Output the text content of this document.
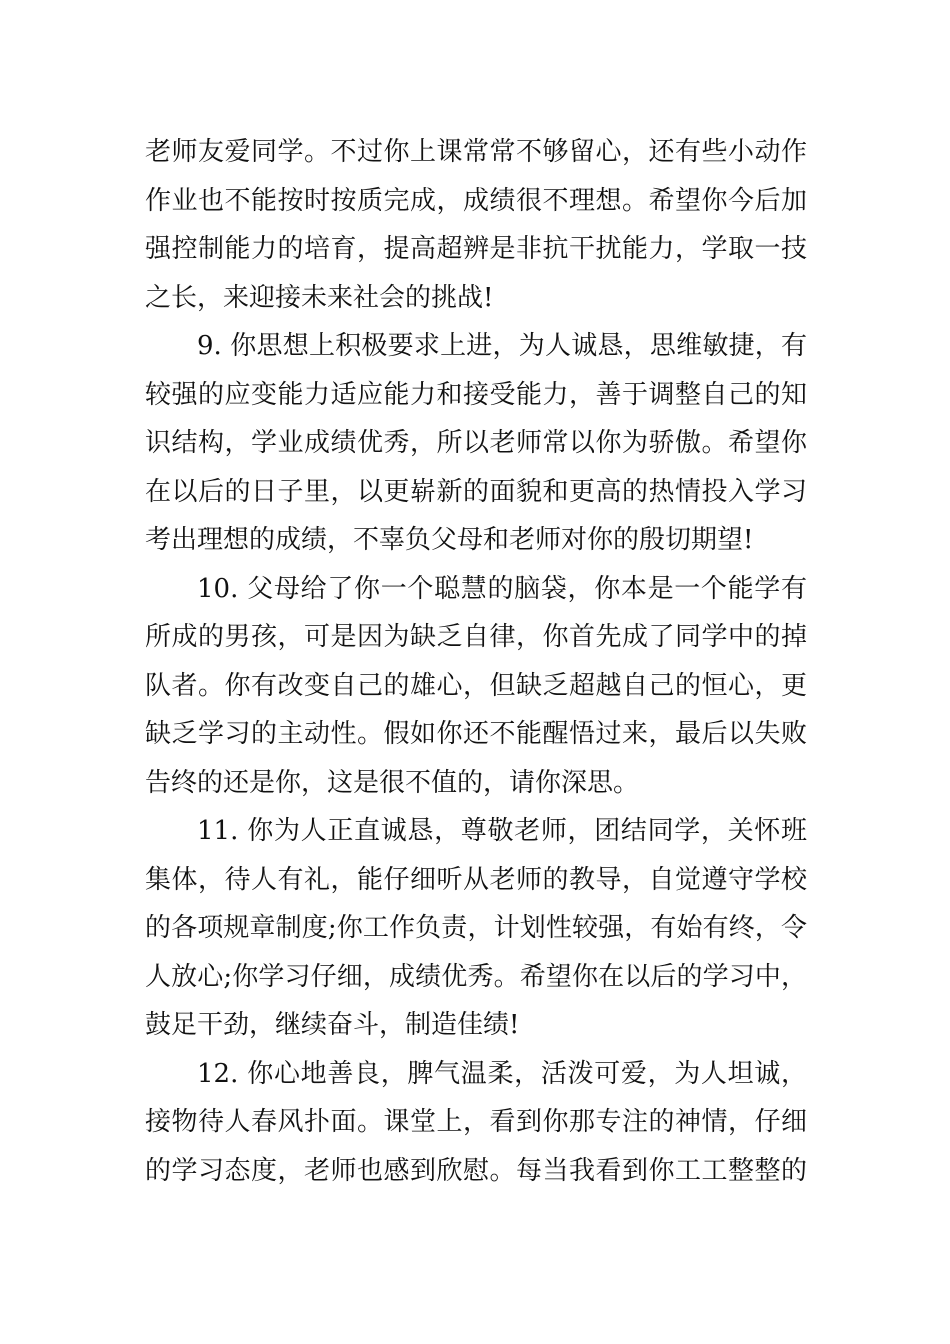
老师友爱同学。不过你上课常常不够留心，还有些小动作
作业也不能按时按质完成，成绩很不理想。希望你今后加
强控制能力的培育，提高超辨是非抗干扰能力，学取一技
之长，来迎接未来社会的挑战!
9. 你思想上积极要求上进，为人诚恳，思维敏捷，有
较强的应变能力适应能力和接受能力，善于调整自己的知
识结构，学业成绩优秀，所以老师常以你为骄傲。希望你
在以后的日子里，以更崭新的面貌和更高的热情投入学习
考出理想的成绩，不辜负父母和老师对你的殷切期望!
10. 父母给了你一个聪慧的脑袋，你本是一个能学有
所成的男孩，可是因为缺乏自律，你首先成了同学中的掉
队者。你有改变自己的雄心，但缺乏超越自己的恒心，更
缺乏学习的主动性。假如你还不能醒悟过来，最后以失败
告终的还是你，这是很不值的，请你深思。
11. 你为人正直诚恳，尊敬老师，团结同学，关怀班
集体，待人有礼，能仔细听从老师的教导，自觉遵守学校
的各项规章制度;你工作负责，计划性较强，有始有终，令
人放心;你学习仔细，成绩优秀。希望你在以后的学习中，
鼓足干劲，继续奋斗，制造佳绩!
12. 你心地善良，脾气温柔，活泼可爱，为人坦诚，
接物待人春风扑面。课堂上，看到你那专注的神情，仔细
的学习态度，老师也感到欣慰。每当我看到你工工整整的
